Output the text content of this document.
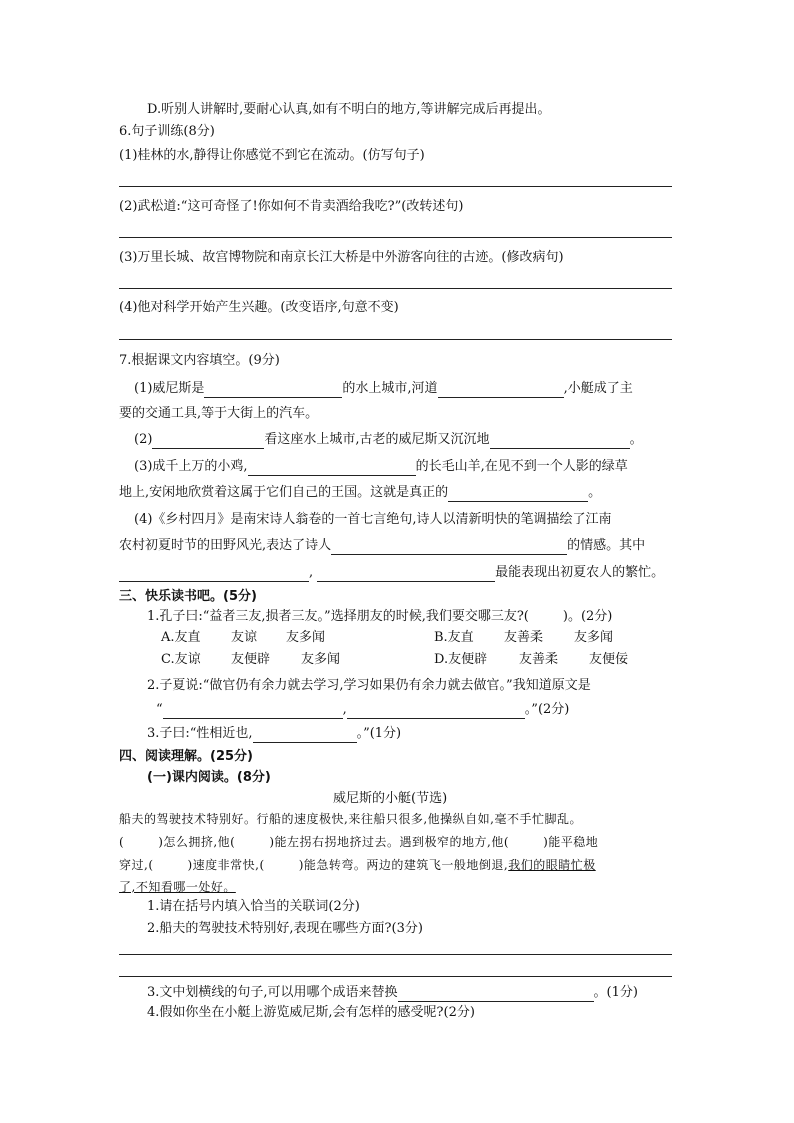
D.听别人讲解时,要耐心认真,如有不明白的地方,等讲解完成后再提出。
6.句子训练(8分)
(1)桂林的水,静得让你感觉不到它在流动。(仿写句子)
(2)武松道:“这可奇怪了!你如何不肯卖酒给我吃?”(改转述句)
(3)万里长城、故宫博物院和南京长江大桥是中外游客向往的古迹。(修改病句)
(4)他对科学开始产生兴趣。(改变语序,句意不变)
7.根据课文内容填空。(9分)
(1)威尼斯是	的水上城市,河道	,小艇成了主
要的交通工具,等于大街上的汽车。
(2)	看这座水上城市,古老的威尼斯又沉沉地	。
(3)成千上万的小鸡,	的长毛山羊,在见不到一个人影的绿草
地上,安闲地欣赏着这属于它们自己的王国。这就是真正的	。
(4)《乡村四月》是南宋诗人翁卷的一首七言绝句,诗人以清新明快的笔调描绘了江南
农村初夏时节的田野风光,表达了诗人	的情感。其中
,	最能表现出初夏农人的繁忙。
三、快乐读书吧。(5分)
1.孔子曰:“益者三友,损者三友。”选择朋友的时候,我们要交哪三友?(	)。(2分)
A.友直 友谅 友多闻	B.友直 友善柔 友多闻
C.友谅 友便辟 友多闻	D.友便辟 友善柔 友便佞
2.子夏说:“做官仍有余力就去学习,学习如果仍有余力就去做官。”我知道原文是
“	,	。”(2分)
3.子曰:“性相近也,	。”(1分)
四、阅读理解。(25分)
(一)课内阅读。(8分)
威尼斯的小艇(节选)
船夫的驾驶技术特别好。行船的速度极快,来往船只很多,他操纵自如,毫不手忙脚乱。
(	)怎么拥挤,他(	)能左拐右拐地挤过去。遇到极窄的地方,他(	)能平稳地
穿过,(	)速度非常快,(	)能急转弯。两边的建筑飞一般地倒退,我们的眼睛忙极
了,不知看哪一处好。
1.请在括号内填入恰当的关联词(2分)
2.船夫的驾驶技术特别好,表现在哪些方面?(3分)
3.文中划横线的句子,可以用哪个成语来替换	。(1分)
4.假如你坐在小艇上游览威尼斯,会有怎样的感受呢?(2分)
